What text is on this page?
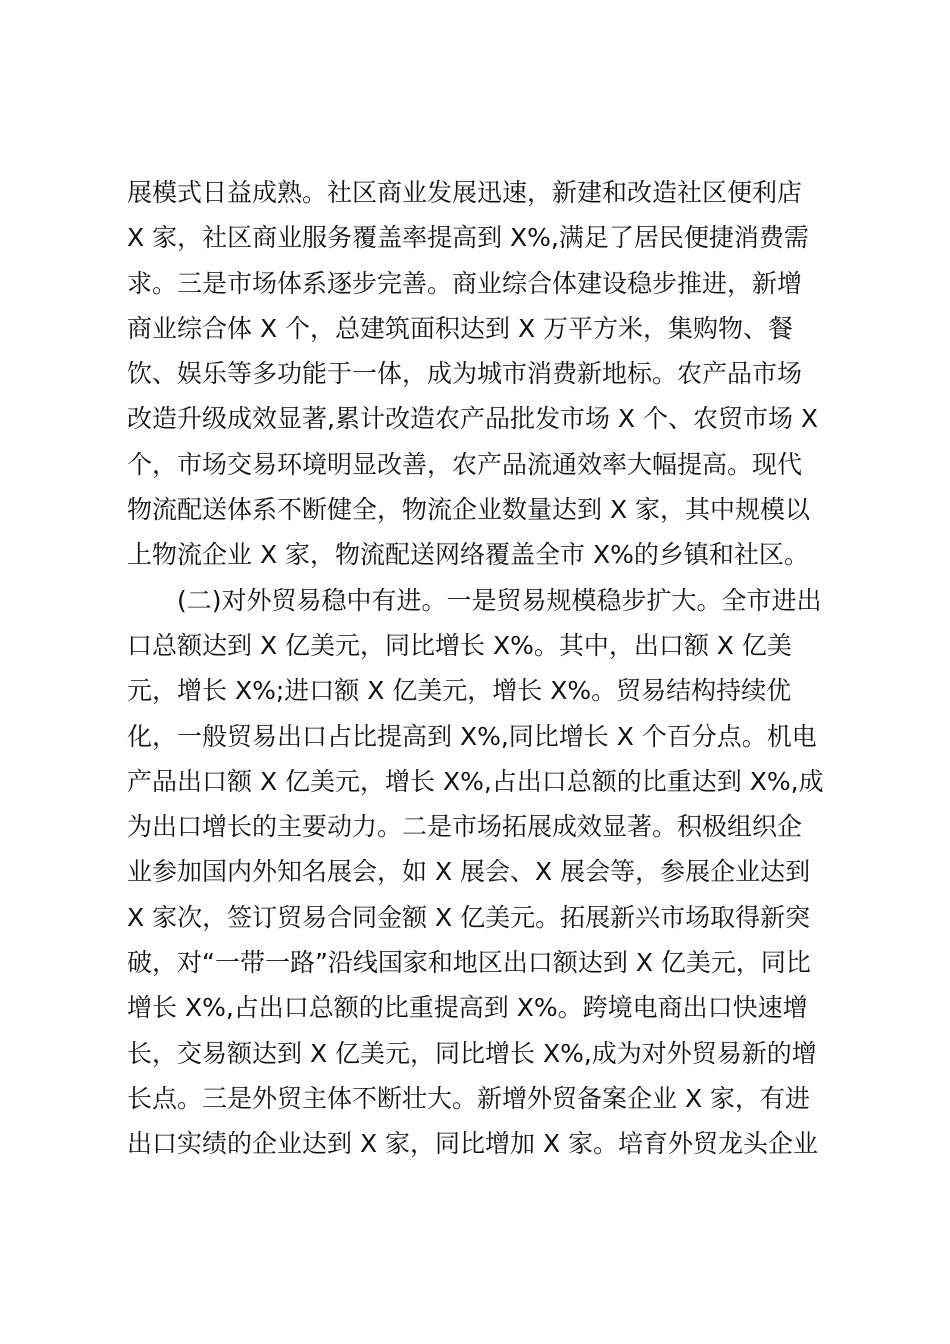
展模式日益成熟。社区商业发展迅速，新建和改造社区便利店
X 家，社区商业服务覆盖率提高到 X%,满足了居民便捷消费需
求。三是市场体系逐步完善。商业综合体建设稳步推进，新增
商业综合体 X 个，总建筑面积达到 X 万平方米，集购物、餐
饮、娱乐等多功能于一体，成为城市消费新地标。农产品市场
改造升级成效显著,累计改造农产品批发市场 X 个、农贸市场 X
个，市场交易环境明显改善，农产品流通效率大幅提高。现代
物流配送体系不断健全，物流企业数量达到 X 家，其中规模以
上物流企业 X 家，物流配送网络覆盖全市 X%的乡镇和社区。
(二)对外贸易稳中有进。一是贸易规模稳步扩大。全市进出
口总额达到 X 亿美元，同比增长 X%。其中，出口额 X 亿美
元，增长 X%;进口额 X 亿美元，增长 X%。贸易结构持续优
化，一般贸易出口占比提高到 X%,同比增长 X 个百分点。机电
产品出口额 X 亿美元，增长 X%,占出口总额的比重达到 X%,成
为出口增长的主要动力。二是市场拓展成效显著。积极组织企
业参加国内外知名展会，如 X 展会、X 展会等，参展企业达到
X 家次，签订贸易合同金额 X 亿美元。拓展新兴市场取得新突
破，对“一带一路”沿线国家和地区出口额达到 X 亿美元，同比
增长 X%,占出口总额的比重提高到 X%。跨境电商出口快速增
长，交易额达到 X 亿美元，同比增长 X%,成为对外贸易新的增
长点。三是外贸主体不断壮大。新增外贸备案企业 X 家，有进
出口实绩的企业达到 X 家，同比增加 X 家。培育外贸龙头企业
